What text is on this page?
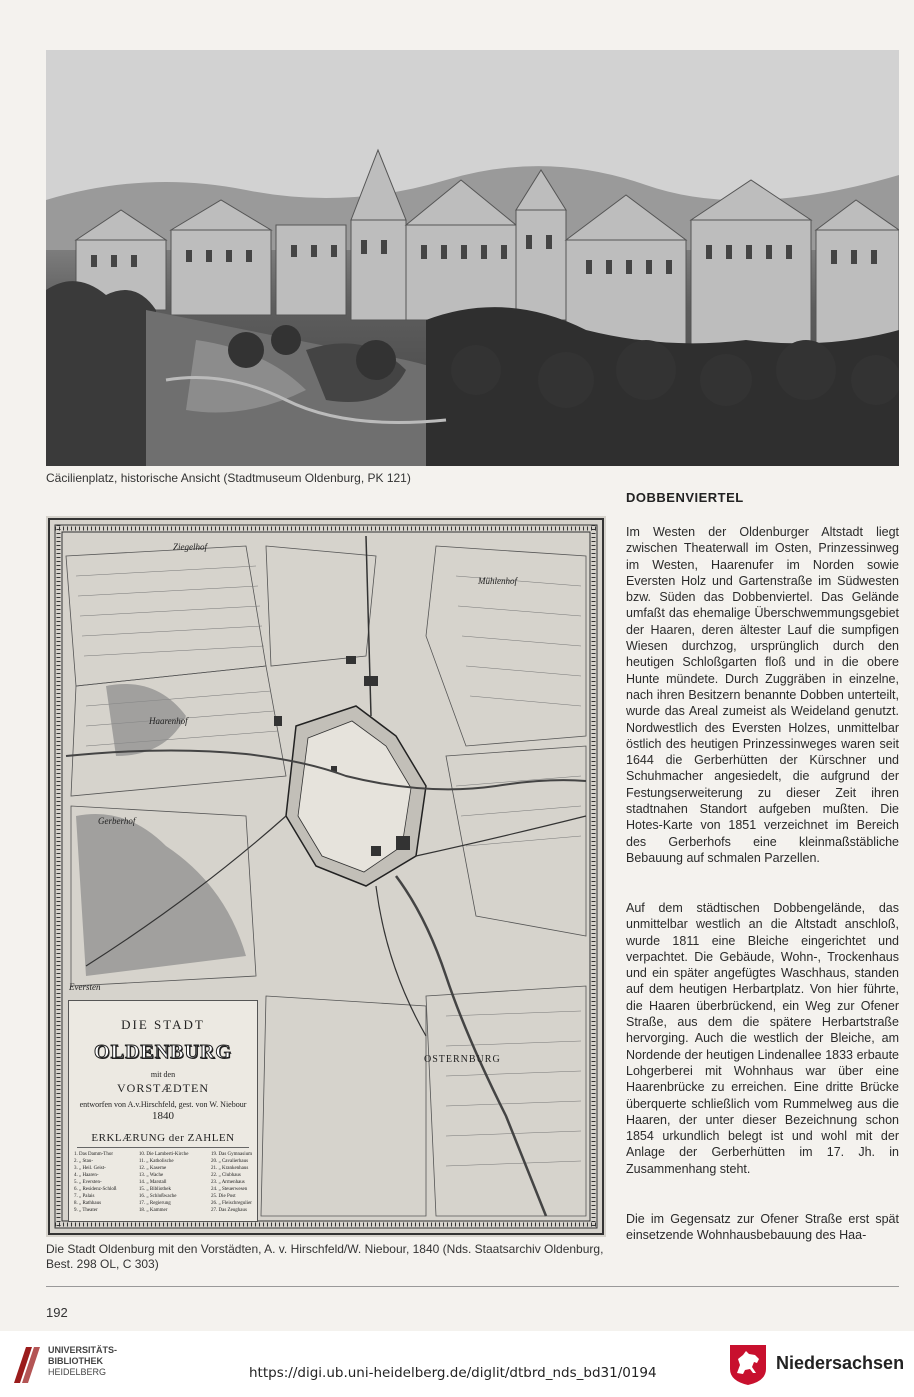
Cäcilienplatz, historische Ansicht (Stadtmuseum Oldenburg, PK 121)
Ziegelhof
Mühlenhof
Haarenhof
Gerberhof
Eversten
OSTERNBURG
DIE STADT
OLDENBURG
mit den
VORSTÆDTEN
entworfen von A.v.Hirschfeld, gest. von W. Niebour
1840
ERKLÆRUNG der ZAHLEN
1. Das Damm-Thor
2. „ Stau-
3. „ Heil. Geist-
4. „ Haaren-
5. „ Eversten-
6. „ Residenz-Schloß
7. „ Palais
8. „ Rathhaus
9. „ Theater
10. Die Lamberti-Kirche
11. „ Katholische
12. „ Kaserne
13. „ Wache
14. „ Marstall
15. „ Bibliothek
16. „ Schloßwache
17. „ Regierung
18. „ Kammer
19. Das Gymnasium
20. „ Cavalierhaus
21. „ Krankenhaus
22. „ Clubhaus
23. „ Armenhaus
24. „ Steuerwesen
25. Die Post
26. „ Fleischregulier
27. Das Zeughaus
Die Stadt Oldenburg mit den Vorstädten, A. v. Hirschfeld/W. Niebour, 1840 (Nds. Staatsarchiv Oldenburg,
Best. 298 OL, C 303)
DOBBENVIERTEL
Im Westen der Oldenburger Altstadt liegt zwischen Theaterwall im Osten, Prinzessinweg im Westen, Haarenufer im Norden sowie Eversten Holz und Gartenstraße im Südwesten bzw. Süden das Dobbenviertel. Das Gelände umfaßt das ehemalige Überschwemmungsgebiet der Haaren, deren ältester Lauf die sumpfigen Wiesen durchzog, ursprünglich durch den heutigen Schloßgarten floß und in die obere Hunte mündete. Durch Zuggräben in einzelne, nach ihren Besitzern benannte Dobben unterteilt, wurde das Areal zumeist als Weideland genutzt. Nordwestlich des Eversten Holzes, unmittelbar östlich des heutigen Prinzessinweges waren seit 1644 die Gerberhütten der Kürschner und Schuhmacher angesiedelt, die aufgrund der Festungserweiterung zu dieser Zeit ihren stadtnahen Standort aufgeben mußten. Die Hotes-Karte von 1851 verzeichnet im Bereich des Gerberhofs eine kleinmaßstäbliche Bebauung auf schmalen Parzellen.
Auf dem städtischen Dobbengelände, das unmittelbar westlich an die Altstadt anschloß, wurde 1811 eine Bleiche eingerichtet und verpachtet. Die Gebäude, Wohn-, Trockenhaus und ein später angefügtes Waschhaus, standen auf dem heutigen Herbartplatz. Von hier führte, die Haaren überbrückend, ein Weg zur Ofener Straße, aus dem die spätere Herbartstraße hervorging. Auch die westlich der Bleiche, am Nordende der heutigen Lindenallee 1833 erbaute Lohgerberei mit Wohnhaus war über eine Haarenbrücke zu erreichen. Eine dritte Brücke überquerte schließlich vom Rummelweg aus die Haaren, der unter dieser Bezeichnung schon 1854 urkundlich belegt ist und wohl mit der Anlage der Gerberhütten im 17. Jh. in Zusammenhang steht.
Die im Gegensatz zur Ofener Straße erst spät einsetzende Wohnhausbebauung des Haa-
192
UNIVERSITÄTS-
BIBLIOTHEK
HEIDELBERG	https://digi.ub.uni-heidelberg.de/diglit/dtbrd_nds_bd31/0194	Niedersachsen
